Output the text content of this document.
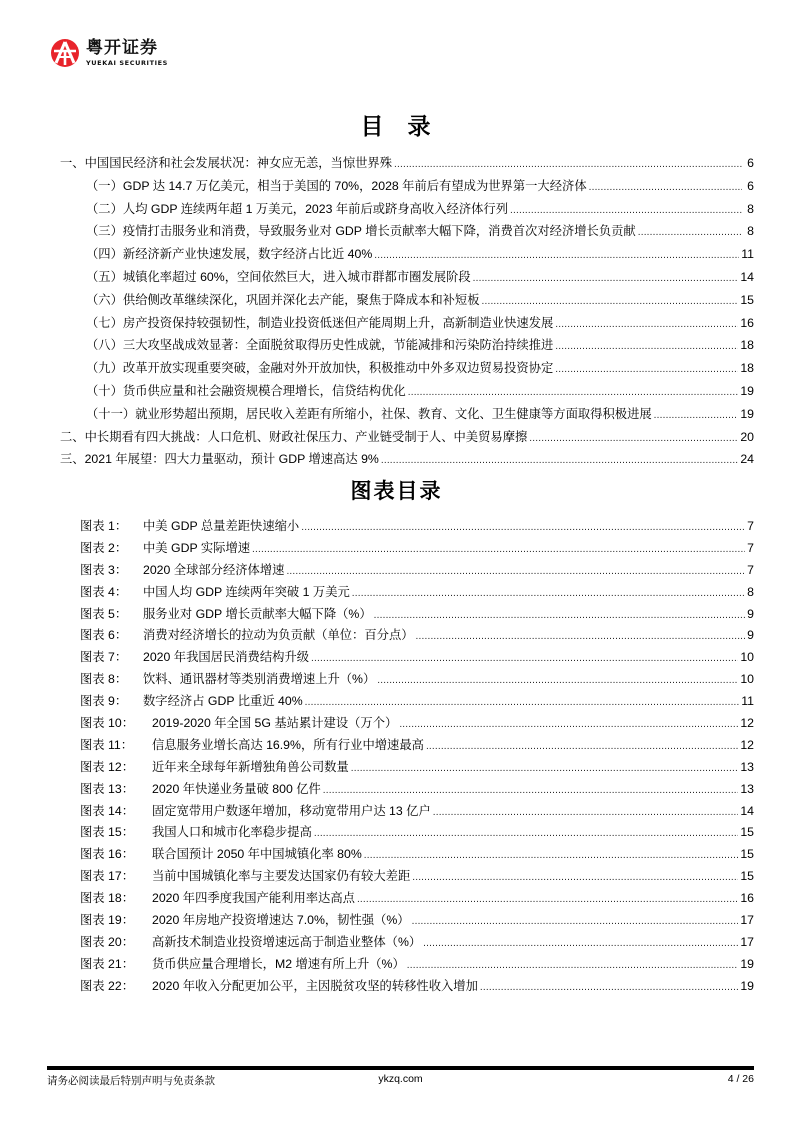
粤开证券
YUEKAI SECURITIES
目 录
一、中国国民经济和社会发展状况：神女应无恙，当惊世界殊 .....	6
（一）GDP 达 14.7 万亿美元，相当于美国的 70%，2028 年前后有望成为世界第一大经济体 .....	6
（二）人均 GDP 连续两年超 1 万美元，2023 年前后或跻身高收入经济体行列 .....	8
（三）疫情打击服务业和消费，导致服务业对 GDP 增长贡献率大幅下降，消费首次对经济增长负贡献 .....	8
（四）新经济新产业快速发展，数字经济占比近 40% .....	11
（五）城镇化率超过 60%，空间依然巨大，进入城市群都市圈发展阶段 .....	14
（六）供给侧改革继续深化，巩固并深化去产能，聚焦于降成本和补短板 .....	15
（七）房产投资保持较强韧性，制造业投资低迷但产能周期上升，高新制造业快速发展 .....	16
（八）三大攻坚战成效显著：全面脱贫取得历史性成就，节能减排和污染防治持续推进 .....	18
（九）改革开放实现重要突破，金融对外开放加快，积极推动中外多双边贸易投资协定 .....	18
（十）货币供应量和社会融资规模合理增长，信贷结构优化 .....	19
（十一）就业形势超出预期，居民收入差距有所缩小，社保、教育、文化、卫生健康等方面取得积极进展 .....	19
二、中长期看有四大挑战：人口危机、财政社保压力、产业链受制于人、中美贸易摩擦 .....	20
三、2021 年展望：四大力量驱动，预计 GDP 增速高达 9% .....	24
图表目录
图表 1：	中美 GDP 总量差距快速缩小 .....	7
图表 2：	中美 GDP 实际增速 .....	7
图表 3：	2020 全球部分经济体增速 .....	7
图表 4：	中国人均 GDP 连续两年突破 1 万美元 .....	8
图表 5：	服务业对 GDP 增长贡献率大幅下降（%） .....	9
图表 6：	消费对经济增长的拉动为负贡献（单位：百分点） .....	9
图表 7：	2020 年我国居民消费结构升级 .....	10
图表 8：	饮料、通讯器材等类别消费增速上升（%） .....	10
图表 9：	数字经济占 GDP 比重近 40% .....	11
图表 10：	2019-2020 年全国 5G 基站累计建设（万个） .....	12
图表 11：	信息服务业增长高达 16.9%，所有行业中增速最高 .....	12
图表 12：	近年来全球每年新增独角兽公司数量 .....	13
图表 13：	2020 年快递业务量破 800 亿件 .....	13
图表 14：	固定宽带用户数逐年增加，移动宽带用户达 13 亿户 .....	14
图表 15：	我国人口和城市化率稳步提高 .....	15
图表 16：	联合国预计 2050 年中国城镇化率 80% .....	15
图表 17：	当前中国城镇化率与主要发达国家仍有较大差距 .....	15
图表 18：	2020 年四季度我国产能利用率达高点 .....	16
图表 19：	2020 年房地产投资增速达 7.0%，韧性强（%） .....	17
图表 20：	高新技术制造业投资增速远高于制造业整体（%） .....	17
图表 21：	货币供应量合理增长，M2 增速有所上升（%） .....	19
图表 22：	2020 年收入分配更加公平，主因脱贫攻坚的转移性收入增加 .....	19
请务必阅读最后特别声明与免责条款	ykzq.com	4 / 26
